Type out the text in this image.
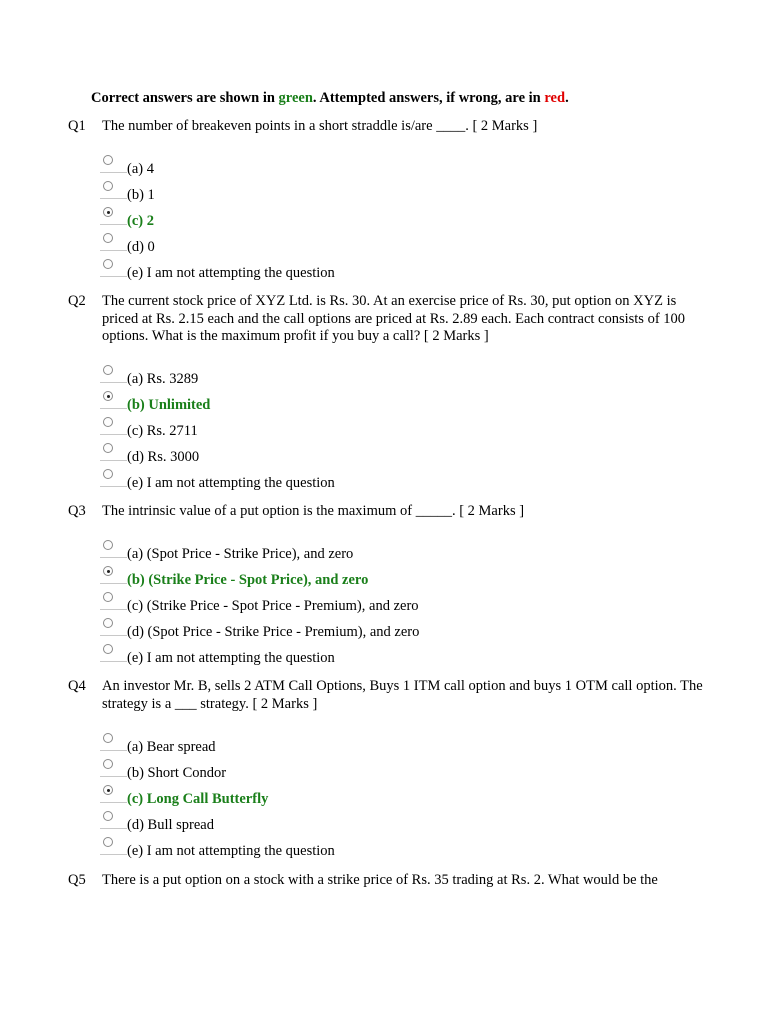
Correct answers are shown in green. Attempted answers, if wrong, are in red.
Q1 The number of breakeven points in a short straddle is/are ____. [ 2 Marks ]
(a) 4
(b) 1
(c) 2
(d) 0
(e) I am not attempting the question
Q2 The current stock price of XYZ Ltd. is Rs. 30. At an exercise price of Rs. 30, put option on XYZ is priced at Rs. 2.15 each and the call options are priced at Rs. 2.89 each. Each contract consists of 100 options. What is the maximum profit if you buy a call? [ 2 Marks ]
(a) Rs. 3289
(b) Unlimited
(c) Rs. 2711
(d) Rs. 3000
(e) I am not attempting the question
Q3 The intrinsic value of a put option is the maximum of _____. [ 2 Marks ]
(a) (Spot Price - Strike Price), and zero
(b) (Strike Price - Spot Price), and zero
(c) (Strike Price - Spot Price - Premium), and zero
(d) (Spot Price - Strike Price - Premium), and zero
(e) I am not attempting the question
Q4 An investor Mr. B, sells 2 ATM Call Options, Buys 1 ITM call option and buys 1 OTM call option. The strategy is a ___ strategy. [ 2 Marks ]
(a) Bear spread
(b) Short Condor
(c) Long Call Butterfly
(d) Bull spread
(e) I am not attempting the question
Q5 There is a put option on a stock with a strike price of Rs. 35 trading at Rs. 2. What would be the
